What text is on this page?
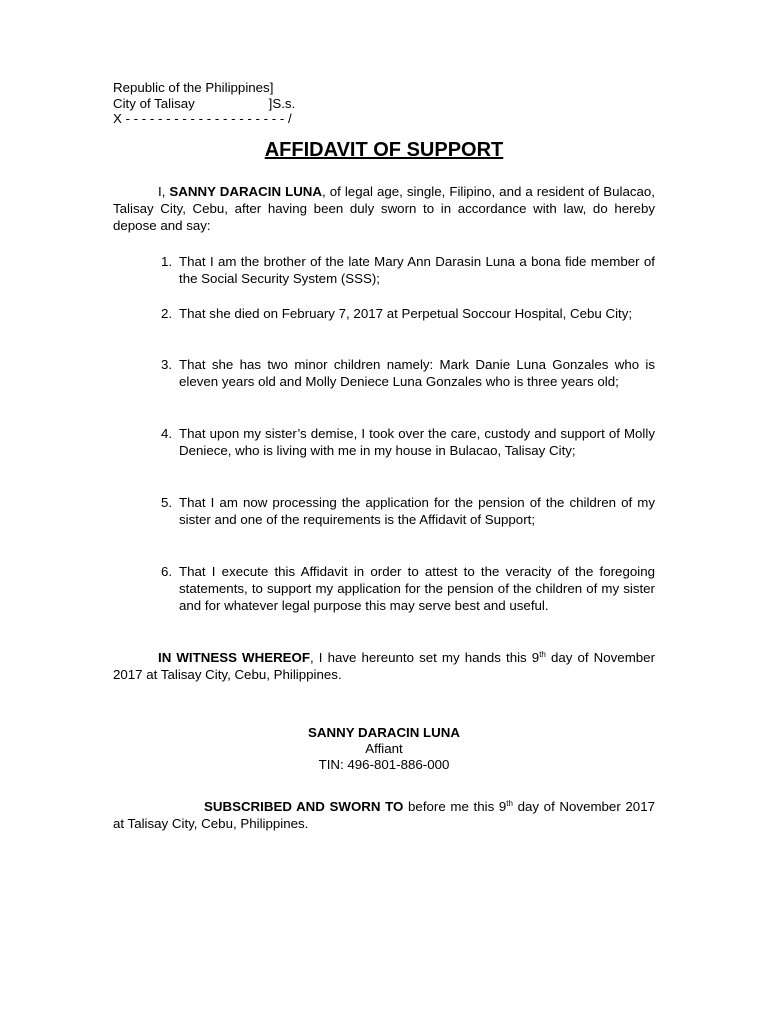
Republic of the Philippines]
City of Talisay                    ]S.s.
X - - - - - - - - - - - - - - - - - - - - /
AFFIDAVIT OF SUPPORT
I, SANNY DARACIN LUNA, of legal age, single, Filipino, and a resident of Bulacao, Talisay City, Cebu, after having been duly sworn to in accordance with law, do hereby depose and say:
1. That I am the brother of the late Mary Ann Darasin Luna a bona fide member of the Social Security System (SSS);
2. That she died on February 7, 2017 at Perpetual Soccour Hospital, Cebu City;
3. That she has two minor children namely: Mark Danie Luna Gonzales who is eleven years old and Molly Deniece Luna Gonzales who is three years old;
4. That upon my sister’s demise, I took over the care, custody and support of Molly Deniece, who is living with me in my house in Bulacao, Talisay City;
5. That I am now processing the application for the pension of the children of my sister and one of the requirements is the Affidavit of Support;
6. That I execute this Affidavit in order to attest to the veracity of the foregoing statements, to support my application for the pension of the children of my sister and for whatever legal purpose this may serve best and useful.
IN WITNESS WHEREOF, I have hereunto set my hands this 9th day of November 2017 at Talisay City, Cebu, Philippines.
SANNY DARACIN LUNA
Affiant
TIN: 496-801-886-000
SUBSCRIBED AND SWORN TO before me this 9th day of November 2017 at Talisay City, Cebu, Philippines.
